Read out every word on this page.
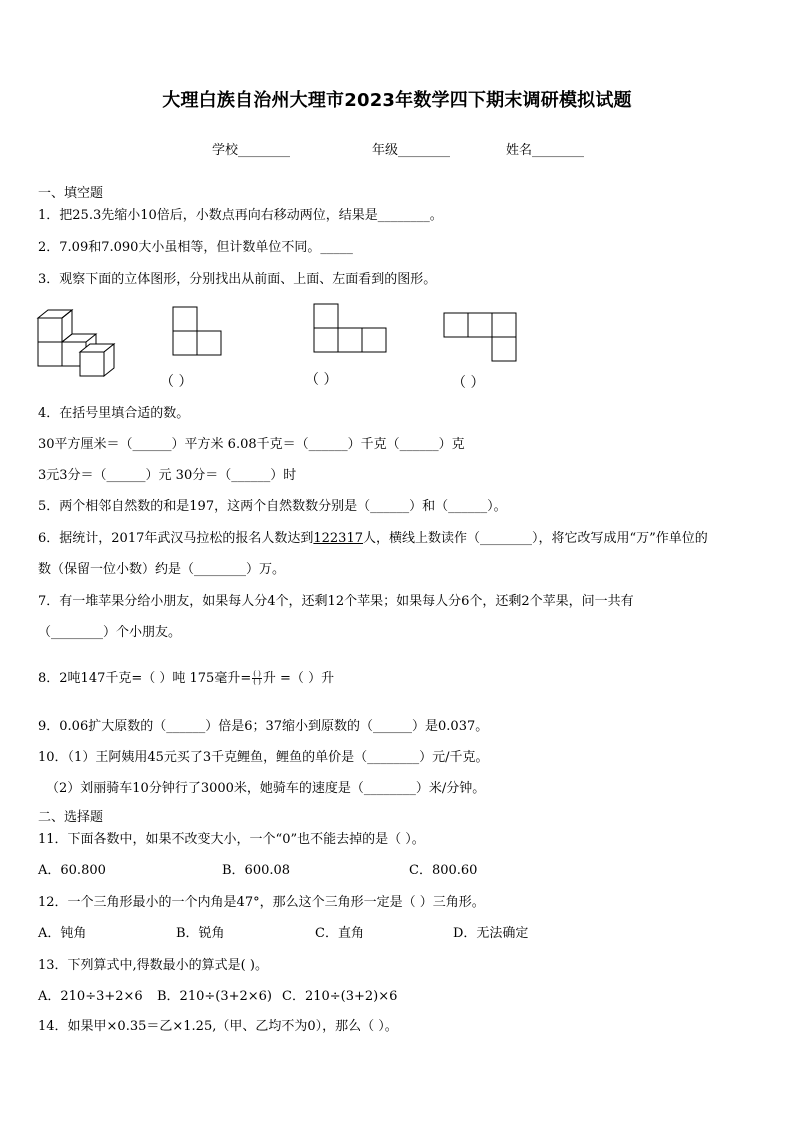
大理白族自治州大理市2023年数学四下期末调研模拟试题
学校________	年级________	姓名________
一、填空题
1．把25.3先缩小10倍后，小数点再向右移动两位，结果是________。
2．7.09和7.090大小虽相等，但计数单位不同。_____
3．观察下面的立体图形，分别找出从前面、上面、左面看到的图形。
（ ）	（ ）	（ ）
4．在括号里填合适的数。
30平方厘米＝（______）平方米 6.08千克＝（______）千克（______）克
3元3分＝（______）元 30分＝（______）时
5．两个相邻自然数的和是197，这两个自然数数分别是（______）和（______）。
6．据统计，2017年武汉马拉松的报名人数达到122317人，横线上数读作（________），将它改写成用“万”作单位的
数（保留一位小数）约是（________）万。
7．有一堆苹果分给小朋友，如果每人分4个，还剩12个苹果；如果每人分6个，还剩2个苹果，问一共有
（________）个小朋友。
8．2吨147千克=（ ）吨 175毫升= $\frac{( )}{( )}$ 升 =（ ）升
9．0.06扩大原数的（______）倍是6；37缩小到原数的（______）是0.037。
10．（1）王阿姨用45元买了3千克鲤鱼，鲤鱼的单价是（________）元/千克。
（2）刘丽骑车10分钟行了3000米，她骑车的速度是（________）米/分钟。
二、选择题
11．下面各数中，如果不改变大小，一个“0”也不能去掉的是（ ）。
A．60.800	B．600.08	C．800.60
12．一个三角形最小的一个内角是47°，那么这个三角形一定是（ ）三角形。
A．钝角	B．锐角	C．直角	D．无法确定
13．下列算式中,得数最小的算式是( )。
A．210÷3+2×6 B．210÷(3+2×6) C．210÷(3+2)×6
14．如果甲×0.35＝乙×1.25,（甲、乙均不为0），那么（ ）。
